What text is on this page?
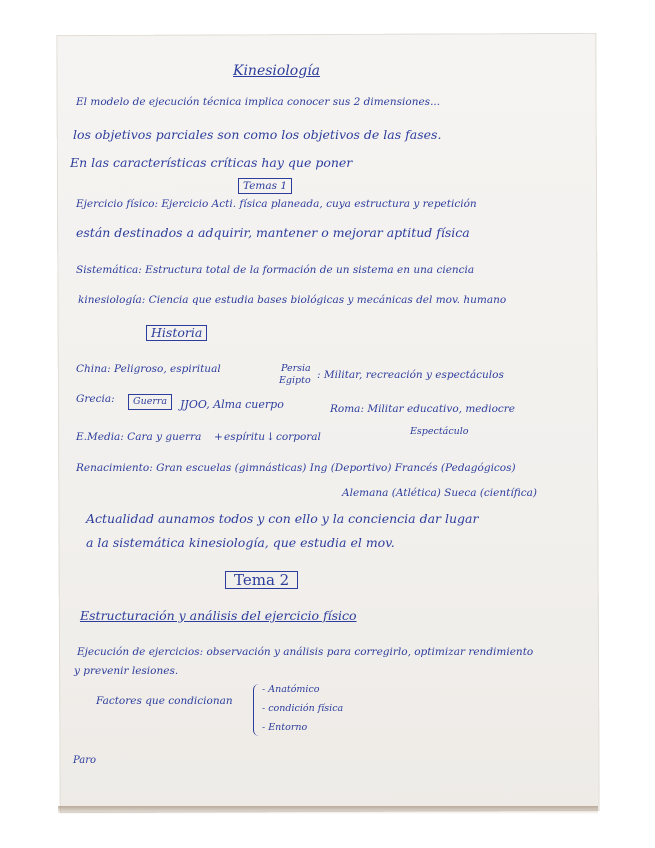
Kinesiología
El modelo de ejecución técnica implica conocer sus 2 dimensiones...
los objetivos parciales son como los objetivos de las fases.
En las características críticas hay que poner
Temas 1
Ejercicio físico: Ejercicio Acti. física planeada, cuya estructura y repetición
están destinados a adquirir, mantener o mejorar aptitud física
Sistemática: Estructura total de la formación de un sistema en una ciencia
kinesiología: Ciencia que estudia bases biológicas y mecánicas del mov. humano
Historia
China: Peligroso, espiritual	Persia
Egipto : Militar, recreación y espectáculos
Grecia:	Guerra	JJOO, Alma cuerpo	Roma: Militar educativo, mediocre
Espectáculo
E.Media: Cara y guerra + espíritu ↓ corporal
Renacimiento: Gran escuelas (gimnásticas) Ing (Deportivo) Francés (Pedagógicos)
Alemana (Atlética) Sueca (científica)
Actualidad aunamos todos y con ello y la conciencia dar lugar
a la sistemática kinesiología, que estudia el mov.
Tema 2
Estructuración y análisis del ejercicio físico
Ejecución de ejercicios: observación y análisis para corregirlo, optimizar rendimiento
y prevenir lesiones.
Factores que condicionan
- Anatómico
- condición física
- Entorno
Paro
